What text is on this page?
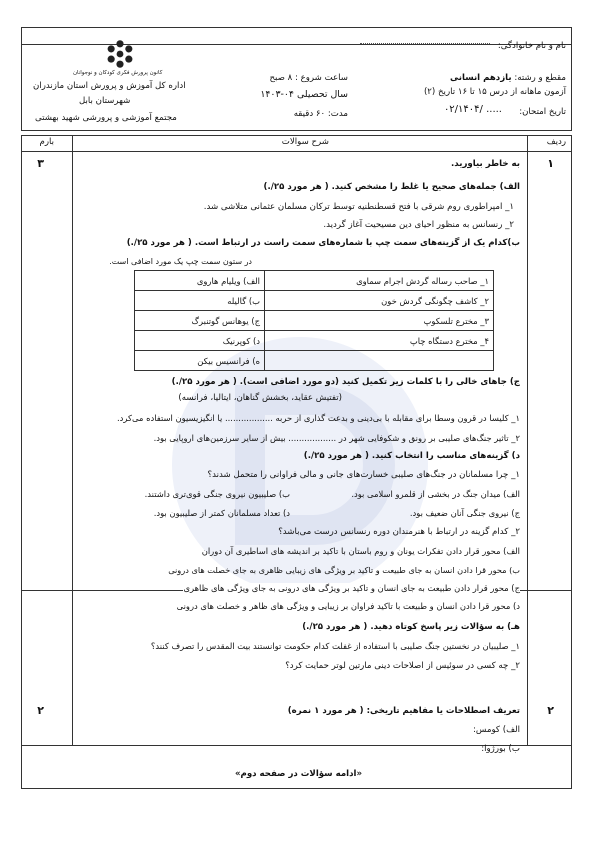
نام و نام خانوادگی:
مقطع و رشته: یازدهم انسانی
آزمون ماهانه از درس ۱۵ تا ۱۶ تاریخ (۲)
تاریخ امتحان:
..... /۰۲/۱۴۰۴
ساعت شروع : ۸ صبح
سال تحصیلی ۰۴-۱۴۰۳
مدت: ۶۰ دقیقه
کانون پرورش فکری کودکان و نوجوانان
اداره کل آموزش و پرورش استان مازندران
شهرستان بابل
مجتمع آموزشی و پرورشی شهید بهشتی
ردیف
شرح سوالات
بارم
۱
۳	به خاطر بیاورید.
الف) جمله‌های صحیح یا غلط را مشخص کنید. ( هر مورد ۲۵/.)
۱_ امپراطوری روم شرقی با فتح قسطنطنیه توسط ترکان مسلمان عثمانی متلاشی شد.
۲_ رنسانس به منظور احیای دین مسیحیت آغاز گردید.
ب)کدام یک از گزینه‌های سمت چپ با شماره‌های سمت راست در ارتباط است. ( هر مورد ۲۵/.)
در ستون سمت چپ یک مورد اضافی است.
۱_ صاحب رساله گردش اجرام سماوی	الف) ویلیام هاروی
۲_ کاشف چگونگی گردش خون	ب) گالیله
۳_ مخترع تلسکوپ	ج) یوهانس گوتنبرگ
۴_ مخترع دستگاه چاپ	د) کوپرنیک
	ه) فرانسیس بیکن
ج) جاهای خالی را با کلمات زیر تکمیل کنید (دو مورد اضافی است). ( هر مورد ۲۵/.)
(تفتیش عقاید، بخشش گناهان، ایتالیا، فرانسه)
۱_ کلیسا در قرون وسطا برای مقابله با بی‌دینی و بدعت گذاری از حربه .................. یا انگیزیسیون استفاده می‌کرد.
۲_ تاثیر جنگ‌های صلیبی بر رونق و شکوفایی شهر در .................. بیش از سایر سرزمین‌های اروپایی بود.
د) گزینه‌های مناسب را انتخاب کنید. ( هر مورد ۲۵/.)
۱_ چرا مسلمانان در جنگ‌های صلیبی خسارت‌های جانی و مالی فراوانی را متحمل شدند؟
الف) میدان جنگ در بخشی از قلمرو اسلامی بود.
ب) صلیبیون نیروی جنگی قوی‌تری داشتند.
ج) نیروی جنگی آنان ضعیف بود.
د) تعداد مسلمانان کمتر از صلیبیون بود.
۲_ کدام گزینه در ارتباط با هنرمندان دوره رنسانس درست می‌باشد؟
الف) محور قرار دادن تفکرات یونان و روم باستان با تاکید بر اندیشه های اساطیری آن دوران
ب) محور قرا دادن انسان به جای طبیعت و تاکید بر ویژگی های زیبایی ظاهری به جای خصلت های درونی
ج) محور قرار دادن طبیعت به جای انسان و تاکید بر ویژگی های درونی به جای ویژگی های ظاهری
د) محور قرا دادن انسان و طبیعت با تاکید فراوان بر زیبایی و ویژگی های ظاهر و خصلت های درونی
هـ) به سؤالات زیر پاسخ کوتاه دهید. ( هر مورد ۲۵/.)
۱_ صلیبیان در نخستین جنگ صلیبی با استفاده از غفلت کدام حکومت توانستند بیت المقدس را تصرف کنند؟
۲_ چه کسی در سوئیس از اصلاحات دینی مارتین لوتر حمایت کرد؟
۲
۲	تعریف اصطلاحات یا مفاهیم تاریخی: ( هر مورد ۱ نمره)
الف) کومس:
ب) بورژوا:
«ادامه سؤالات در صفحه دوم»
